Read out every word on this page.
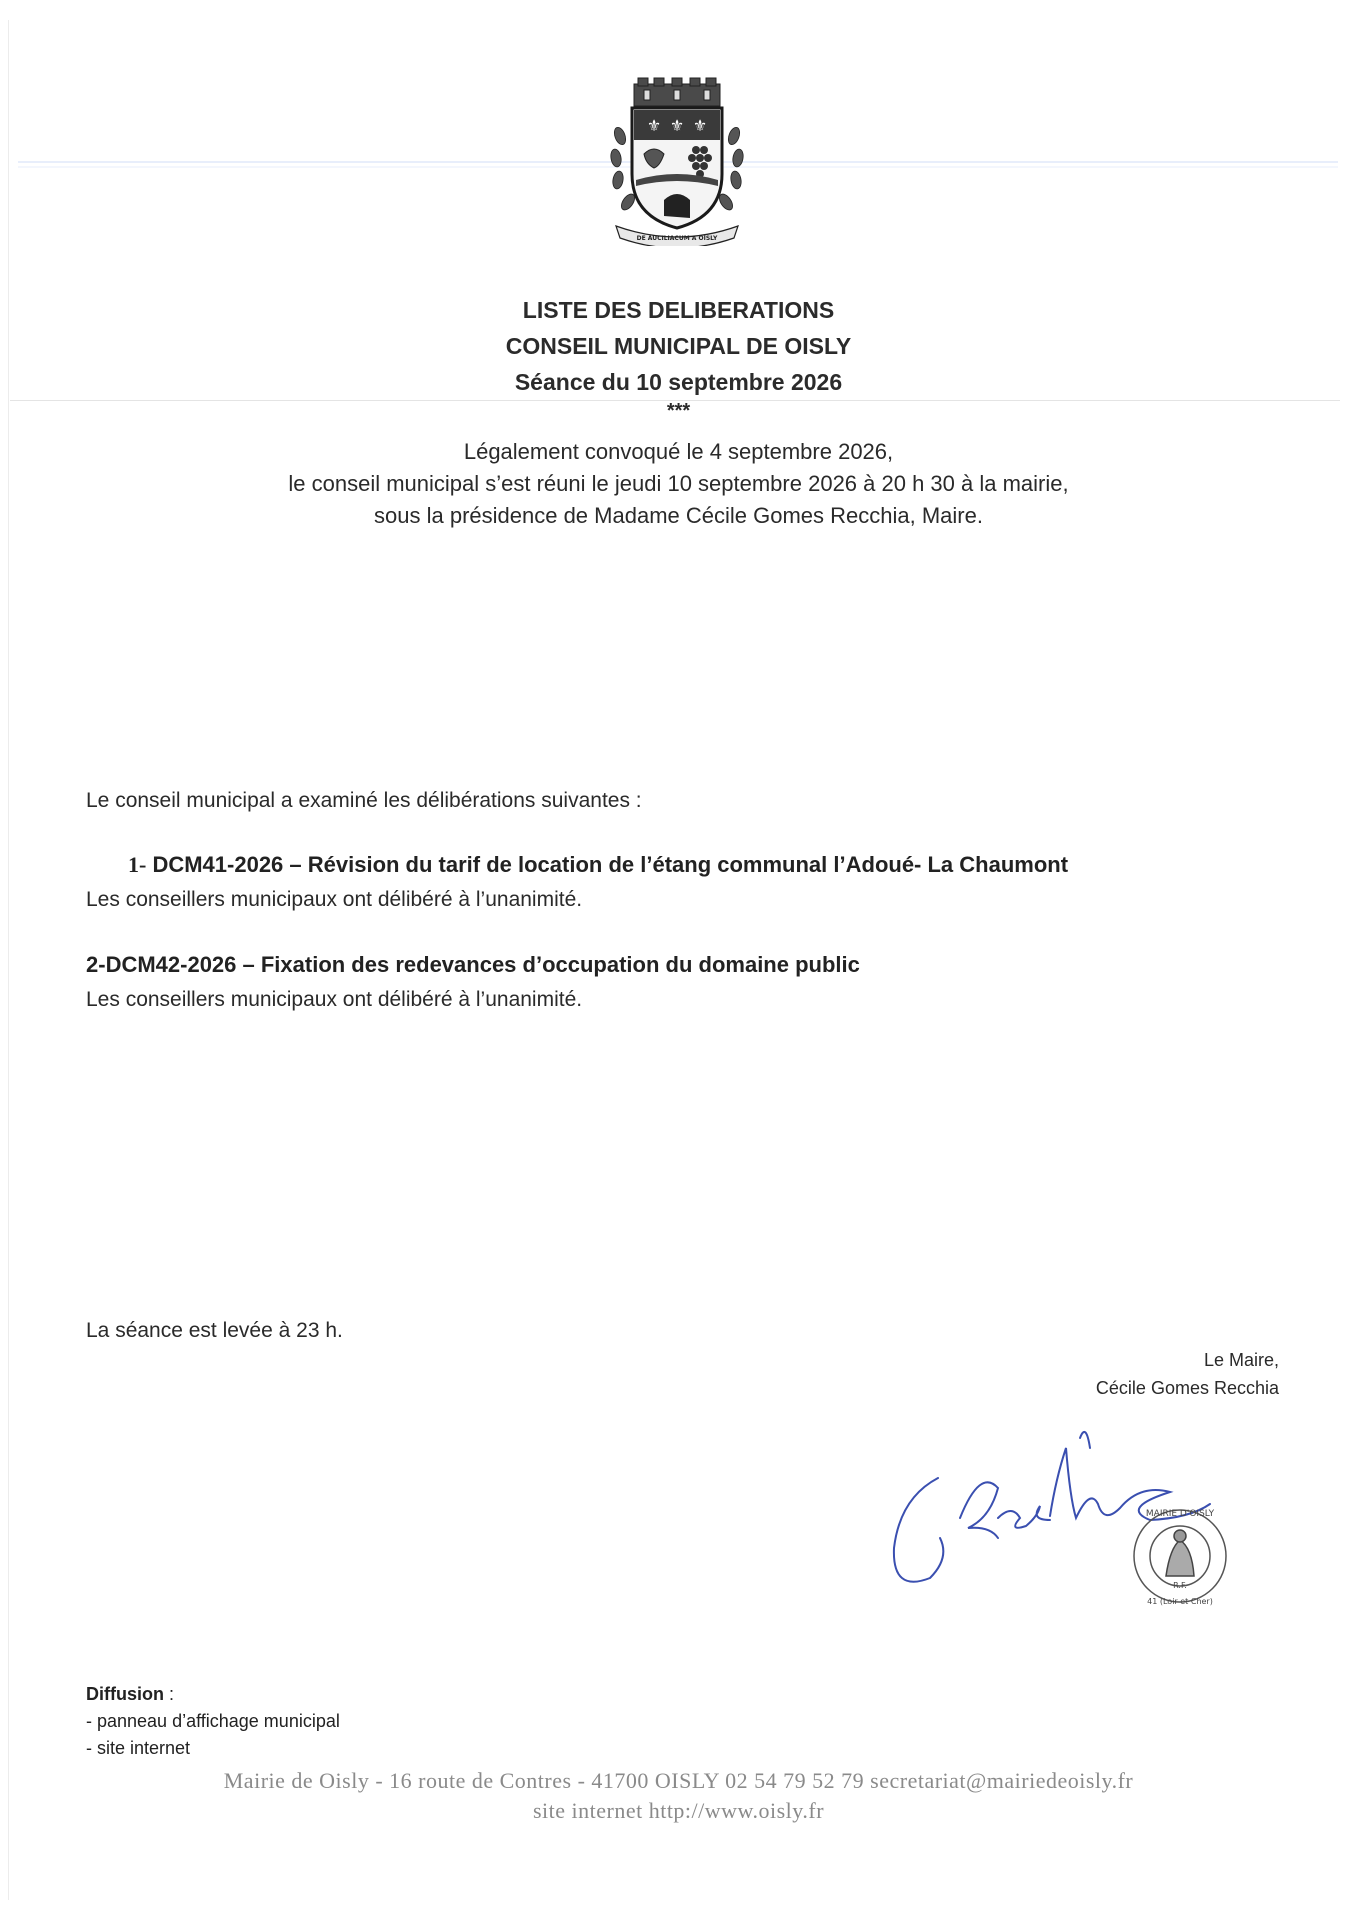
⚜ ⚜ ⚜
DE AUCILIACUM A OISLY
LISTE DES DELIBERATIONS
CONSEIL MUNICIPAL DE OISLY
Séance du 10 septembre 2026
***
Légalement convoqué le 4 septembre 2026,
le conseil municipal s’est réuni le jeudi 10 septembre 2026 à 20 h 30 à la mairie,
sous la présidence de Madame Cécile Gomes Recchia, Maire.
Le conseil municipal a examiné les délibérations suivantes :
1- DCM41-2026 – Révision du tarif de location de l’étang communal l’Adoué- La Chaumont
Les conseillers municipaux ont délibéré à l’unanimité.
2-DCM42-2026 – Fixation des redevances d’occupation du domaine public
Les conseillers municipaux ont délibéré à l’unanimité.
La séance est levée à 23 h.
Le Maire,
Cécile Gomes Recchia
MAIRIE D'OISLY
R.F.
41 (Loir et Cher)
Diffusion :
- panneau d’affichage municipal
- site internet
Mairie de Oisly - 16 route de Contres - 41700 OISLY 02 54 79 52 79 secretariat@mairiedeoisly.fr
site internet http://www.oisly.fr
